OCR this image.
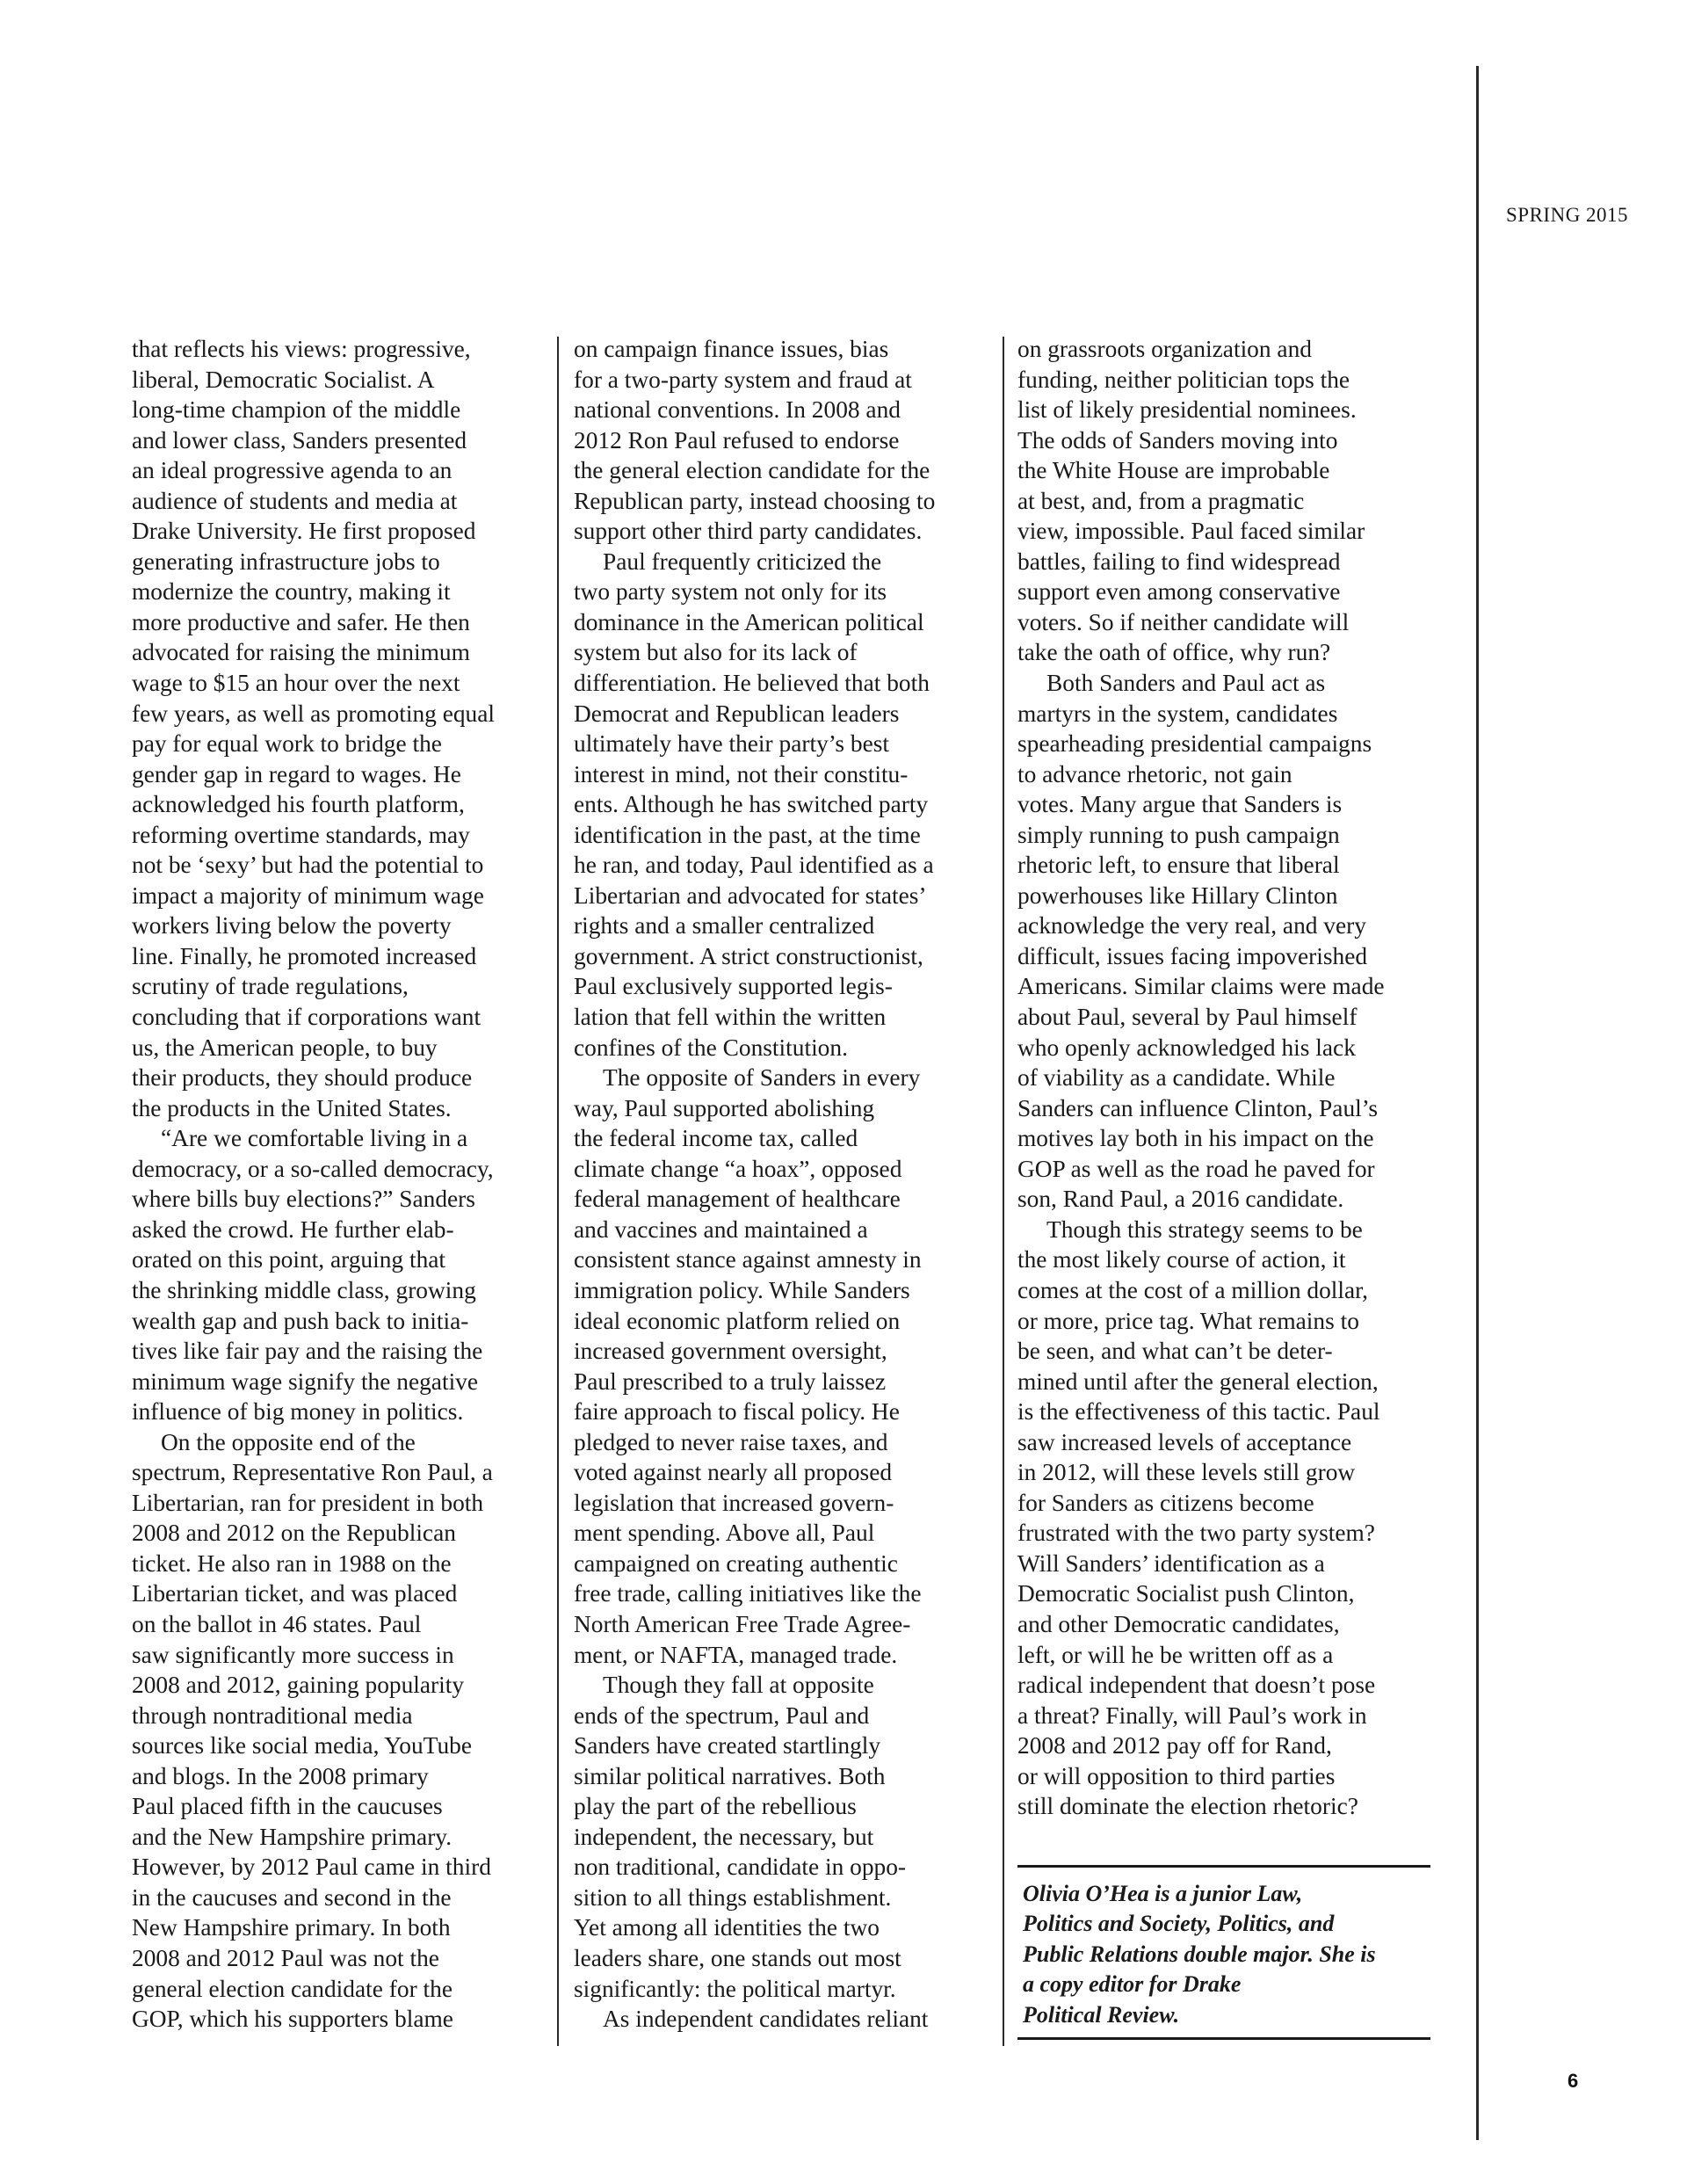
SPRING 2015
that reflects his views: progressive,
liberal, Democratic Socialist. A
long-time champion of the middle
and lower class, Sanders presented
an ideal progressive agenda to an
audience of students and media at
Drake University. He first proposed
generating infrastructure jobs to
modernize the country, making it
more productive and safer. He then
advocated for raising the minimum
wage to $15 an hour over the next
few years, as well as promoting equal
pay for equal work to bridge the
gender gap in regard to wages. He
acknowledged his fourth platform,
reforming overtime standards, may
not be ‘sexy’ but had the potential to
impact a majority of minimum wage
workers living below the poverty
line. Finally, he promoted increased
scrutiny of trade regulations,
concluding that if corporations want
us, the American people, to buy
their products, they should produce
the products in the United States.
“Are we comfortable living in a
democracy, or a so-called democracy,
where bills buy elections?” Sanders
asked the crowd. He further elab-
orated on this point, arguing that
the shrinking middle class, growing
wealth gap and push back to initia-
tives like fair pay and the raising the
minimum wage signify the negative
influence of big money in politics.
On the opposite end of the
spectrum, Representative Ron Paul, a
Libertarian, ran for president in both
2008 and 2012 on the Republican
ticket. He also ran in 1988 on the
Libertarian ticket, and was placed
on the ballot in 46 states. Paul
saw significantly more success in
2008 and 2012, gaining popularity
through nontraditional media
sources like social media, YouTube
and blogs. In the 2008 primary
Paul placed fifth in the caucuses
and the New Hampshire primary.
However, by 2012 Paul came in third
in the caucuses and second in the
New Hampshire primary. In both
2008 and 2012 Paul was not the
general election candidate for the
GOP, which his supporters blame
on campaign finance issues, bias
for a two-party system and fraud at
national conventions. In 2008 and
2012 Ron Paul refused to endorse
the general election candidate for the
Republican party, instead choosing to
support other third party candidates.
Paul frequently criticized the
two party system not only for its
dominance in the American political
system but also for its lack of
differentiation. He believed that both
Democrat and Republican leaders
ultimately have their party’s best
interest in mind, not their constitu-
ents. Although he has switched party
identification in the past, at the time
he ran, and today, Paul identified as a
Libertarian and advocated for states’
rights and a smaller centralized
government. A strict constructionist,
Paul exclusively supported legis-
lation that fell within the written
confines of the Constitution.
The opposite of Sanders in every
way, Paul supported abolishing
the federal income tax, called
climate change “a hoax”, opposed
federal management of healthcare
and vaccines and maintained a
consistent stance against amnesty in
immigration policy. While Sanders
ideal economic platform relied on
increased government oversight,
Paul prescribed to a truly laissez
faire approach to fiscal policy. He
pledged to never raise taxes, and
voted against nearly all proposed
legislation that increased govern-
ment spending. Above all, Paul
campaigned on creating authentic
free trade, calling initiatives like the
North American Free Trade Agree-
ment, or NAFTA, managed trade.
Though they fall at opposite
ends of the spectrum, Paul and
Sanders have created startlingly
similar political narratives. Both
play the part of the rebellious
independent, the necessary, but
non traditional, candidate in oppo-
sition to all things establishment.
Yet among all identities the two
leaders share, one stands out most
significantly: the political martyr.
As independent candidates reliant
on grassroots organization and
funding, neither politician tops the
list of likely presidential nominees.
The odds of Sanders moving into
the White House are improbable
at best, and, from a pragmatic
view, impossible. Paul faced similar
battles, failing to find widespread
support even among conservative
voters. So if neither candidate will
take the oath of office, why run?
Both Sanders and Paul act as
martyrs in the system, candidates
spearheading presidential campaigns
to advance rhetoric, not gain
votes. Many argue that Sanders is
simply running to push campaign
rhetoric left, to ensure that liberal
powerhouses like Hillary Clinton
acknowledge the very real, and very
difficult, issues facing impoverished
Americans. Similar claims were made
about Paul, several by Paul himself
who openly acknowledged his lack
of viability as a candidate. While
Sanders can influence Clinton, Paul’s
motives lay both in his impact on the
GOP as well as the road he paved for
son, Rand Paul, a 2016 candidate.
Though this strategy seems to be
the most likely course of action, it
comes at the cost of a million dollar,
or more, price tag. What remains to
be seen, and what can’t be deter-
mined until after the general election,
is the effectiveness of this tactic. Paul
saw increased levels of acceptance
in 2012, will these levels still grow
for Sanders as citizens become
frustrated with the two party system?
Will Sanders’ identification as a
Democratic Socialist push Clinton,
and other Democratic candidates,
left, or will he be written off as a
radical independent that doesn’t pose
a threat? Finally, will Paul’s work in
2008 and 2012 pay off for Rand,
or will opposition to third parties
still dominate the election rhetoric?
Olivia O’Hea is a junior Law,
Politics and Society, Politics, and
Public Relations double major. She is
a copy editor for Drake
Political Review.
6
